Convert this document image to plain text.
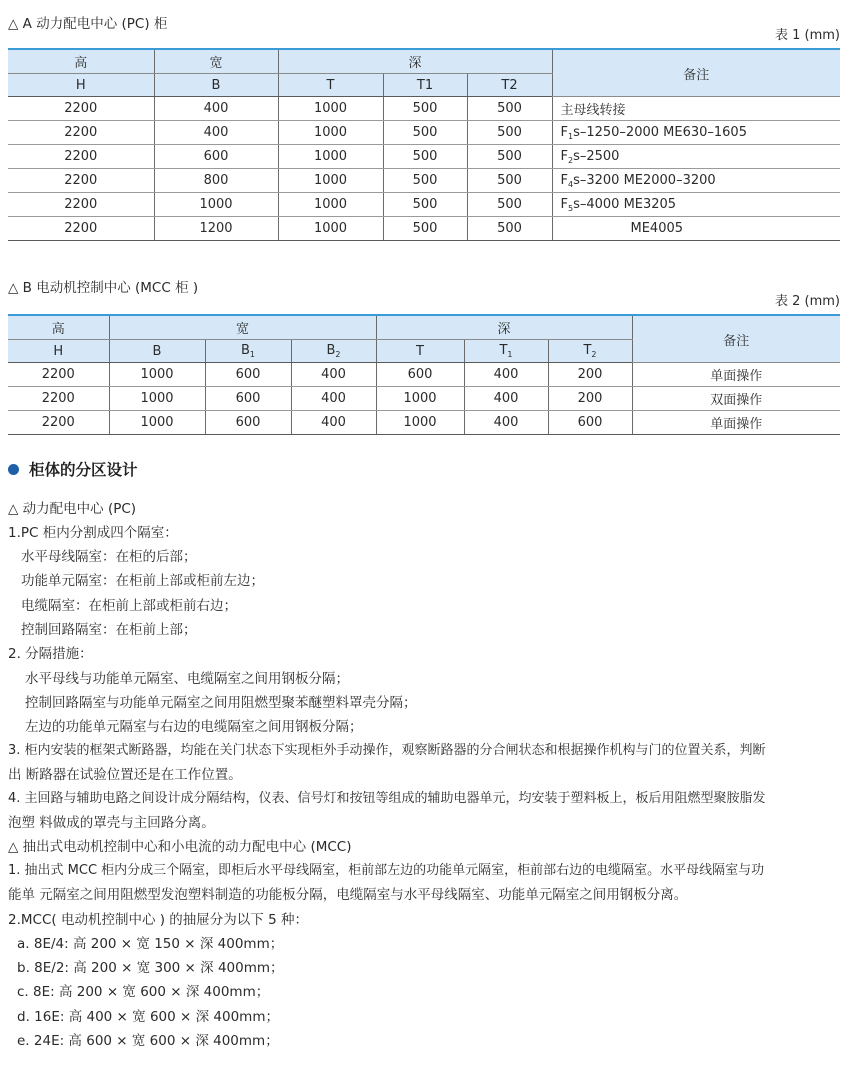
△ A 动力配电中心 (PC) 柜
表 1 (mm)
高	宽	深			备注
H	B	T	T1	T2	
2200	400	1000	500	500	主母线转接
2200	400	1000	500	500	$F_1s-1250-2000$ ME630–1605
2200	600	1000	500	500	$F_2s-2500$
2200	800	1000	500	500	$F_4s-3200$ ME2000–3200
2200	1000	1000	500	500	$F_5s-4000$ ME3205
2200	1200	1000	500	500	ME4005
△ B 电动机控制中心 (MCC 柜 )
表 2 (mm)
高	宽			深			备注
H	B	$B_1$	$B_2$	T	$T_1$	$T_2$
2200	1000	600	400	600	400	200	单面操作
2200	1000	600	400	1000	400	200	双面操作
2200	1000	600	400	1000	400	600	单面操作
柜体的分区设计
△ 动力配电中心 (PC)
1.PC 柜内分割成四个隔室：
水平母线隔室：在柜的后部；
功能单元隔室：在柜前上部或柜前左边；
电缆隔室：在柜前上部或柜前右边；
控制回路隔室：在柜前上部；
2. 分隔措施：
水平母线与功能单元隔室、电缆隔室之间用钢板分隔；
控制回路隔室与功能单元隔室之间用阻燃型聚苯醚塑料罩壳分隔；
左边的功能单元隔室与右边的电缆隔室之间用钢板分隔；
3. 柜内安装的框架式断路器，均能在关门状态下实现柜外手动操作，观察断路器的分合闸状态和根据操作机构与门的位置关系，判断
出 断路器在试验位置还是在工作位置。
4. 主回路与辅助电路之间设计成分隔结构，仪表、信号灯和按钮等组成的辅助电器单元，均安装于塑料板上，板后用阻燃型聚胺脂发
泡塑 料做成的罩壳与主回路分离。
△ 抽出式电动机控制中心和小电流的动力配电中心 (MCC)
1. 抽出式 MCC 柜内分成三个隔室，即柜后水平母线隔室，柜前部左边的功能单元隔室，柜前部右边的电缆隔室。水平母线隔室与功
能单 元隔室之间用阻燃型发泡塑料制造的功能板分隔，电缆隔室与水平母线隔室、功能单元隔室之间用钢板分离。
2.MCC( 电动机控制中心 ) 的抽屉分为以下 5 种：
a. 8E/4: 高 200 × 宽 150 × 深 400mm；
b. 8E/2: 高 200 × 宽 300 × 深 400mm；
c. 8E: 高 200 × 宽 600 × 深 400mm；
d. 16E: 高 400 × 宽 600 × 深 400mm；
e. 24E: 高 600 × 宽 600 × 深 400mm；
